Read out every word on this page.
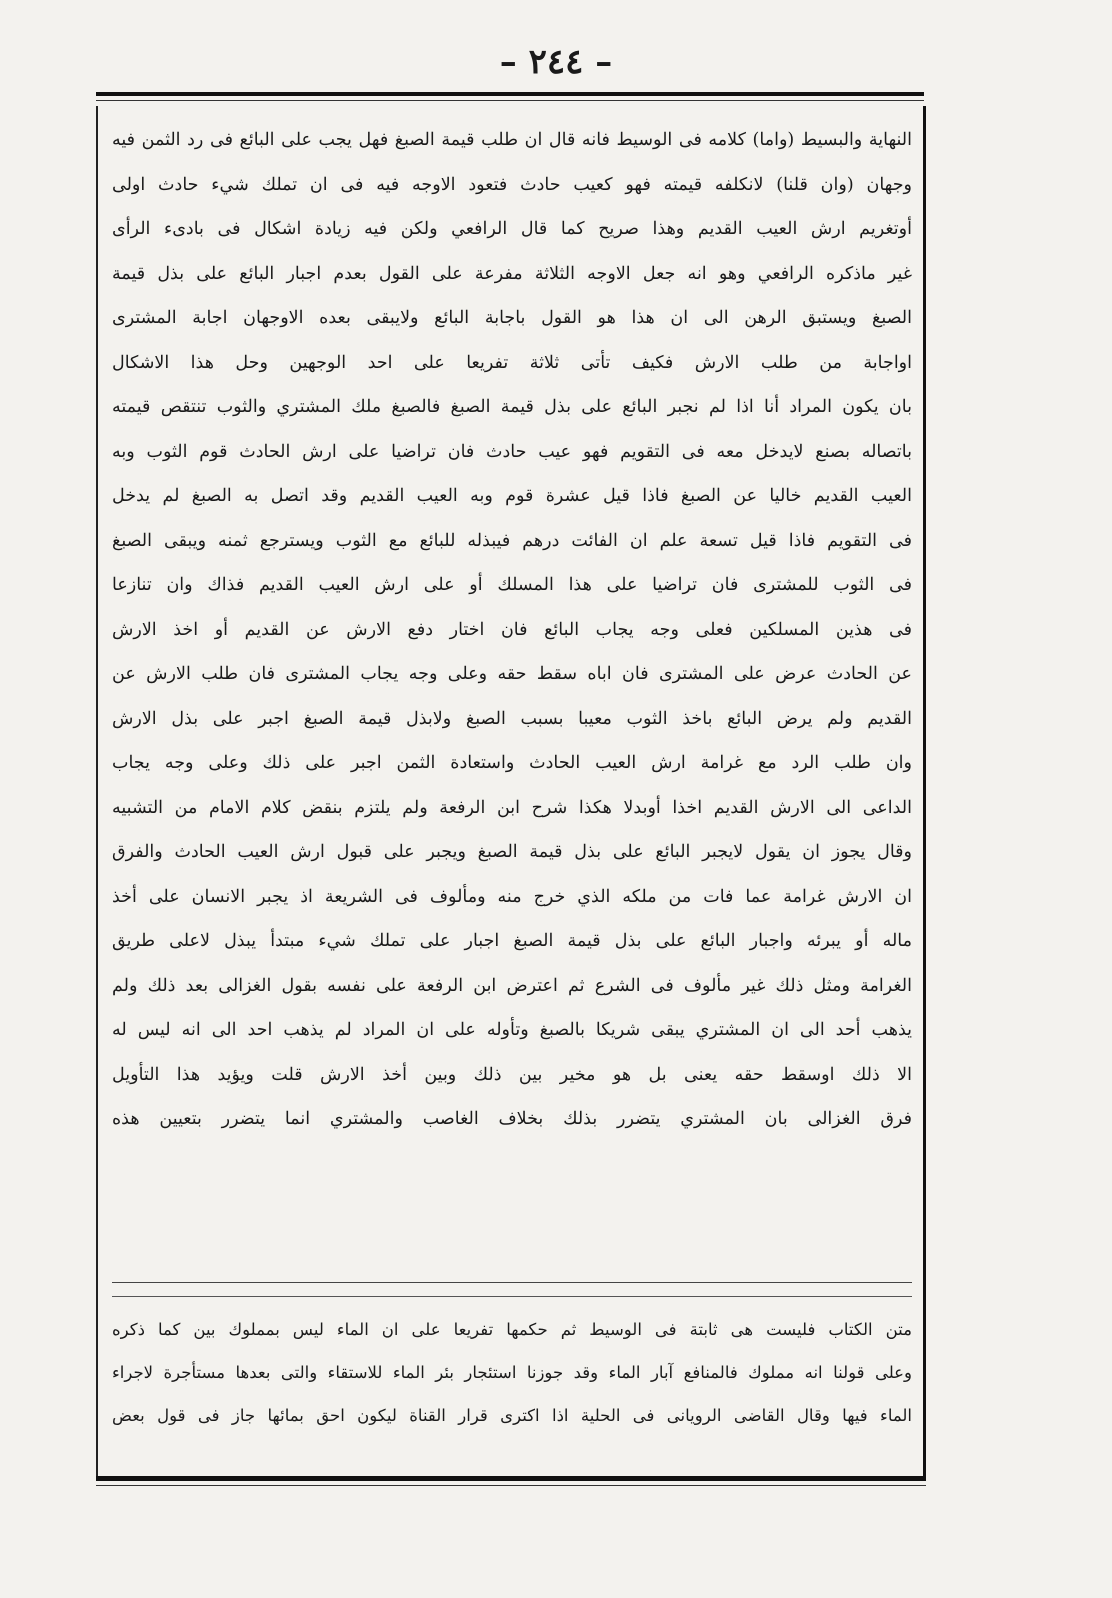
– ٢٤٤ –

النهاية والبسيط (واما) كلامه فى الوسيط فانه قال ان طلب قيمة الصبغ فهل يجب على البائع فى رد الثمن فيه

وجهان (وان قلنا) لانكلفه قيمته فهو كعيب حادث فتعود الاوجه فيه فى ان تملك شيء حادث اولى

أوتغريم ارش العيب القديم وهذا صريح كما قال الرافعي ولكن فيه زيادة اشكال فى بادىء الرأى

غير ماذكره الرافعي وهو انه جعل الاوجه الثلاثة مفرعة على القول بعدم اجبار البائع على بذل قيمة

الصبغ ويستبق الرهن الى ان هذا هو القول باجابة البائع ولايبقى بعده الاوجهان اجابة المشترى

اواجابة من طلب الارش فكيف تأتى ثلاثة تفريعا على احد الوجهين وحل هذا الاشكال

بان يكون المراد أنا اذا لم نجبر البائع على بذل قيمة الصبغ فالصبغ ملك المشتري والثوب تنتقص قيمته

باتصاله بصنع لايدخل معه فى التقويم فهو عيب حادث فان تراضيا على ارش الحادث قوم الثوب وبه

العيب القديم خاليا عن الصبغ فاذا قيل عشرة قوم وبه العيب القديم وقد اتصل به الصبغ لم يدخل

فى التقويم فاذا قيل تسعة علم ان الفائت درهم فيبذله للبائع مع الثوب ويسترجع ثمنه ويبقى الصبغ

فى الثوب للمشترى فان تراضيا على هذا المسلك أو على ارش العيب القديم فذاك وان تنازعا

فى هذين المسلكين فعلى وجه يجاب البائع فان اختار دفع الارش عن القديم أو اخذ الارش

عن الحادث عرض على المشترى فان اباه سقط حقه وعلى وجه يجاب المشترى فان طلب الارش عن

القديم ولم يرض البائع باخذ الثوب معيبا بسبب الصبغ ولابذل قيمة الصبغ اجبر على بذل الارش

وان طلب الرد مع غرامة ارش العيب الحادث واستعادة الثمن اجبر على ذلك وعلى وجه يجاب

الداعى الى الارش القديم اخذا أوبدلا هكذا شرح ابن الرفعة ولم يلتزم بنقض كلام الامام من التشبيه

وقال يجوز ان يقول لايجبر البائع على بذل قيمة الصبغ ويجبر على قبول ارش العيب الحادث والفرق

ان الارش غرامة عما فات من ملكه الذي خرج منه ومألوف فى الشريعة اذ يجبر الانسان على أخذ

ماله أو يبرئه واجبار البائع على بذل قيمة الصبغ اجبار على تملك شيء مبتدأ يبذل لاعلى طريق

الغرامة ومثل ذلك غير مألوف فى الشرع ثم اعترض ابن الرفعة على نفسه بقول الغزالى بعد ذلك ولم

يذهب أحد الى ان المشتري يبقى شريكا بالصبغ وتأوله على ان المراد لم يذهب احد الى انه ليس له

الا ذلك اوسقط حقه يعنى بل هو مخير بين ذلك وبين أخذ الارش قلت ويؤيد هذا التأويل

فرق الغزالى بان المشتري يتضرر بذلك بخلاف الغاصب والمشتري انما يتضرر بتعيين هذه

متن الكتاب فليست هى ثابتة فى الوسيط ثم حكمها تفريعا على ان الماء ليس بمملوك بين كما ذكره

وعلى قولنا انه مملوك فالمنافع آبار الماء وقد جوزنا استئجار بئر الماء للاستقاء والتى بعدها مستأجرة لاجراء

الماء فيها وقال القاضى الرويانى فى الحلية اذا اكترى قرار القناة ليكون احق بمائها جاز فى قول بعض
